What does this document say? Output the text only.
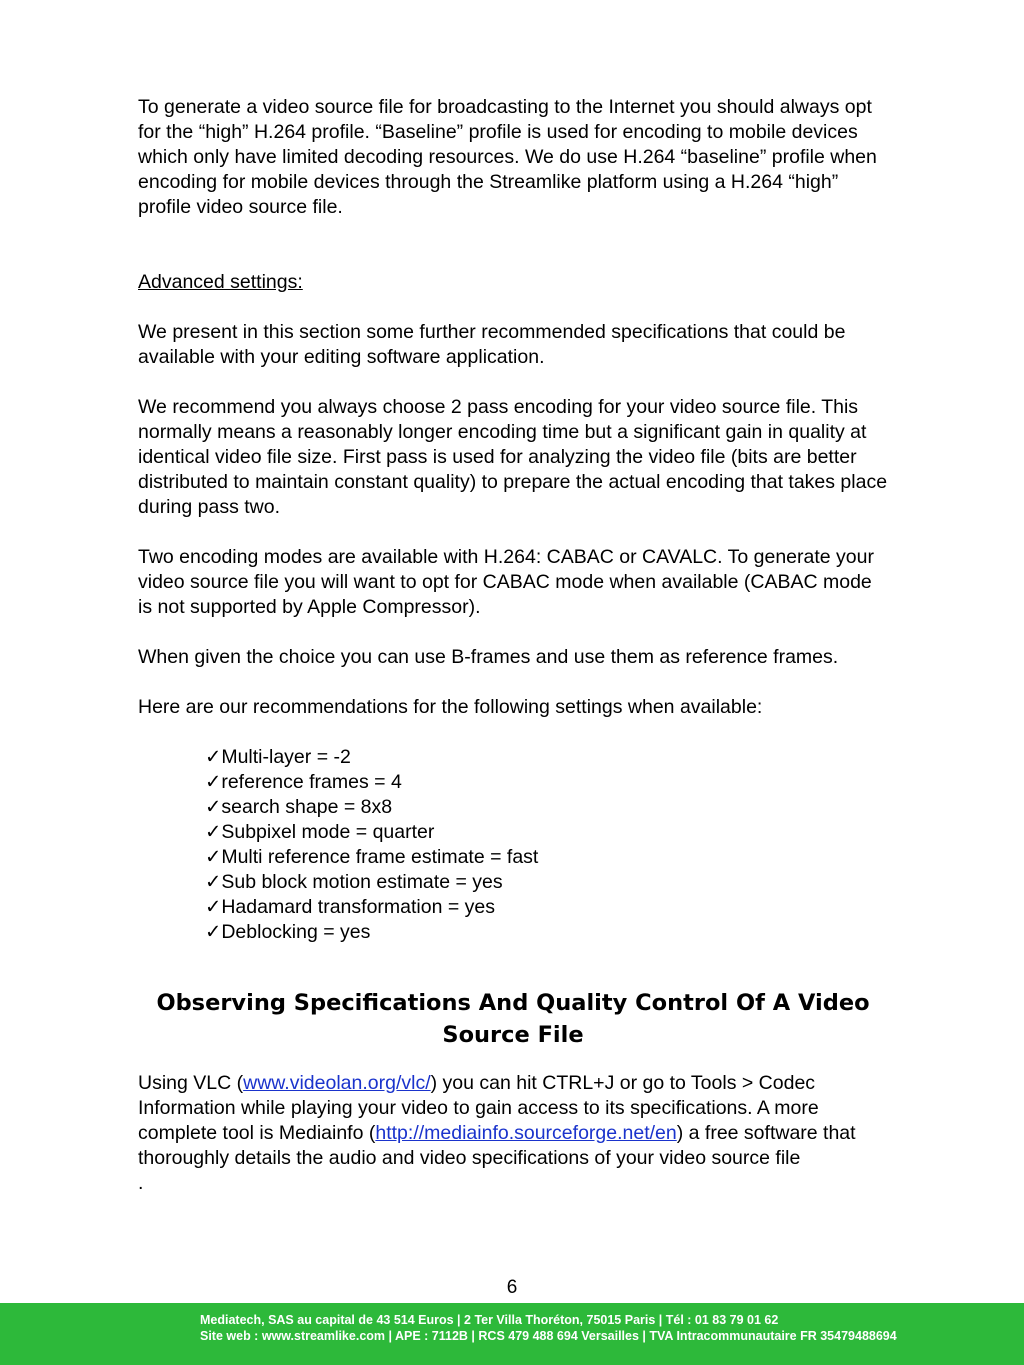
To generate a video source file for broadcasting to the Internet you should always opt for the “high” H.264 profile. “Baseline” profile is used for encoding to mobile devices which only have limited decoding resources. We do use H.264 “baseline” profile when encoding for mobile devices through the Streamlike platform using a H.264 “high” profile video source file.

Advanced settings:

We present in this section some further recommended specifications that could be available with your editing software application.

We recommend you always choose 2 pass encoding for your video source file. This normally means a reasonably longer encoding time but a significant gain in quality at identical video file size. First pass is used for analyzing the video file (bits are better distributed to maintain constant quality) to prepare the actual encoding that takes place during pass two.

Two encoding modes are available with H.264: CABAC or CAVALC. To generate your video source file you will want to opt for CABAC mode when available (CABAC mode is not supported by Apple Compressor).

When given the choice you can use B-frames and use them as reference frames.

Here are our recommendations for the following settings when available:

✓Multi-layer = -2
✓reference frames = 4
✓search shape = 8x8
✓Subpixel mode = quarter
✓Multi reference frame estimate = fast
✓Sub block motion estimate = yes
✓Hadamard transformation = yes
✓Deblocking = yes
Observing Specifications And Quality Control Of A Video Source File

Using VLC (www.videolan.org/vlc/) you can hit CTRL+J or go to Tools > Codec Information while playing your video to gain access to its specifications. A more complete tool is Mediainfo (http://mediainfo.sourceforge.net/en) a free software that thoroughly details the audio and video specifications of your video source file

.

6
Mediatech, SAS au capital de 43 514 Euros | 2 Ter Villa Thoréton, 75015 Paris | Tél : 01 83 79 01 62
Site web : www.streamlike.com | APE : 7112B | RCS 479 488 694 Versailles | TVA Intracommunautaire FR 35479488694
